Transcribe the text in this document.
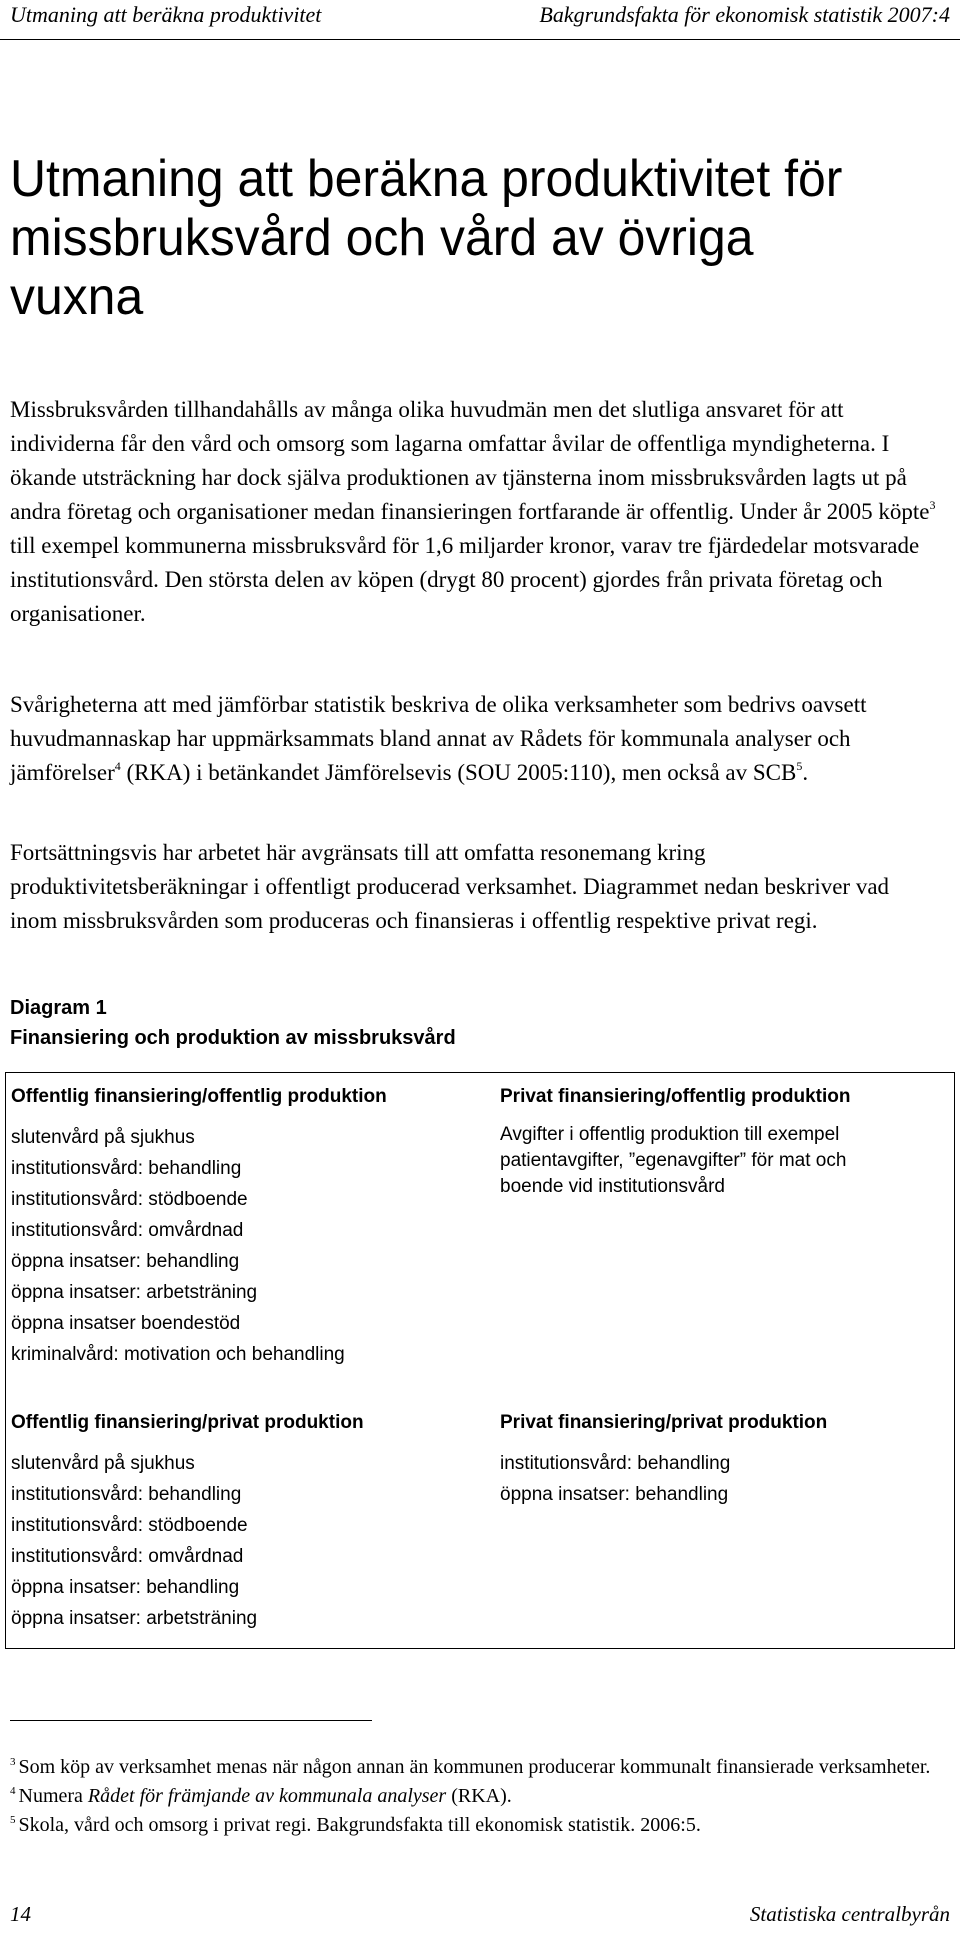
Utmaning att beräkna produktivitet	Bakgrundsfakta för ekonomisk statistik 2007:4
Utmaning att beräkna produktivitet för
missbruksvård och vård av övriga
vuxna

Missbruksvården tillhandahålls av många olika huvudmän men det slutliga ansvaret för att individerna får den vård och omsorg som lagarna omfattar åvilar de offentliga myndigheterna. I ökande utsträckning har dock själva produktionen av tjänsterna inom missbruksvården lagts ut på andra företag och organisationer medan finansieringen fortfarande är offentlig. Under år 2005 köpte$^3$ till exempel kommunerna missbruksvård för 1,6 miljarder kronor, varav tre fjärdedelar motsvarade institutionsvård. Den största delen av köpen (drygt 80 procent) gjordes från privata företag och organisationer.

Svårigheterna att med jämförbar statistik beskriva de olika verksamheter som bedrivs oavsett huvudmannaskap har uppmärksammats bland annat av Rådets för kommunala analyser och jämförelser$^4$ (RKA) i betänkandet Jämförelsevis (SOU 2005:110), men också av SCB$^5$.

Fortsättningsvis har arbetet här avgränsats till att omfatta resonemang kring produktivitetsberäkningar i offentligt producerad verksamhet. Diagrammet nedan beskriver vad inom missbruksvården som produceras och finansieras i offentlig respektive privat regi.

Diagram 1

Finansiering och produktion av missbruksvård

Offentlig finansiering/offentlig produktion

slutenvård på sjukhus
institutionsvård: behandling
institutionsvård: stödboende
institutionsvård: omvårdnad
öppna insatser: behandling
öppna insatser: arbetsträning
öppna insatser boendestöd
kriminalvård: motivation och behandling

Privat finansiering/offentlig produktion

Avgifter i offentlig produktion till exempel
patientavgifter, ”egenavgifter” för mat och
boende vid institutionsvård

Offentlig finansiering/privat produktion

slutenvård på sjukhus
institutionsvård: behandling
institutionsvård: stödboende
institutionsvård: omvårdnad
öppna insatser: behandling
öppna insatser: arbetsträning

Privat finansiering/privat produktion

institutionsvård: behandling
öppna insatser: behandling

$^3$ Som köp av verksamhet menas när någon annan än kommunen producerar kommunalt finansierade verksamheter.

$^4$ Numera Rådet för främjande av kommunala analyser (RKA).

$^5$ Skola, vård och omsorg i privat regi. Bakgrundsfakta till ekonomisk statistik. 2006:5.

14	Statistiska centralbyrån
